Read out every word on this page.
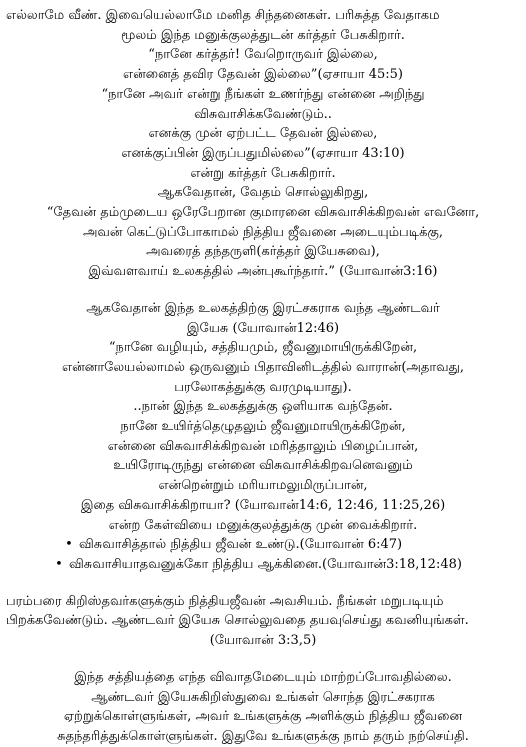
எல்லாமே வீண். இவையெல்லாமே மனித சிந்தனைகள். பரிசுத்த வேதாகம
மூலம் இந்த மனுக்குலத்துடன் கர்த்தர் பேசுகிறார்.
“நானே கர்த்தர்! வேறொருவர் இல்லை,
என்னைத் தவிர தேவன் இல்லை”(ஏசாயா 45:5)
“நானே அவர் என்று நீங்கள் உணர்ந்து என்னை அறிந்து
விசுவாசிக்கவேண்டும்..
எனக்கு முன் ஏற்பட்ட தேவன் இல்லை,
எனக்குப்பின் இருப்பதுமில்லை”(ஏசாயா 43:10)
என்று கர்த்தர் பேசுகிறார்.
ஆகவேதான், வேதம் சொல்லுகிறது,
“தேவன் தம்முடைய ஒரேபேறான குமாரனை விசுவாசிக்கிறவன் எவனோ,
அவன் கெட்டுப்போகாமல் நித்திய ஜீவனை அடையும்படிக்கு,
அவரைத் தந்தருளி(கர்த்தர் இயேசுவை),
இவ்வளவாய் உலகத்தில் அன்புகூர்ந்தார்.” (யோவான்3:16)
ஆகவேதான் இந்த உலகத்திற்கு இரட்சகராக வந்த ஆண்டவர்
இயேசு (யோவான்12:46)
“நானே வழியும், சத்தியமும், ஜீவனுமாயிருக்கிறேன்,
என்னாலேயல்லாமல் ஒருவனும் பிதாவினிடத்தில் வாரான்(அதாவது,
பரலோகத்துக்கு வரமுடியாது).
..நான் இந்த உலகத்துக்கு ஒளியாக வந்தேன்.
நானே உயிர்த்தெழுதலும் ஜீவனுமாயிருக்கிறேன்,
என்னை விசுவாசிக்கிறவன் மரித்தாலும் பிழைப்பான்,
உயிரோடிருந்து என்னை விசுவாசிக்கிறவனெவனும்
என்றென்றும் மரியாமலுமிருப்பான்,
இதை விசுவாசிக்கிறாயா? (யோவான்14:6, 12:46, 11:25,26)
என்ற கேள்வியை மனுக்குலத்துக்கு முன் வைக்கிறார்.
• விசுவாசித்தால் நித்திய ஜீவன் உண்டு.(யோவான் 6:47)
• விசுவாசியாதவனுக்கோ நித்திய ஆக்கினை.(யோவான்3:18,12:48)
பரம்பரை கிறிஸ்தவர்களுக்கும் நித்தியஜீவன் அவசியம். நீங்கள் மறுபடியும்
பிறக்கவேண்டும். ஆண்டவர் இயேசு சொல்லுவதை தயவுசெய்து கவனியுங்கள்.
(யோவான் 3:3,5)
இந்த சத்தியத்தை எந்த விவாதமேடையும் மாற்றப்போவதில்லை.
ஆண்டவர் இயேசுகிறிஸ்துவை உங்கள் சொந்த இரட்சகராக
ஏற்றுக்கொள்ளுங்கள், அவர் உங்களுக்கு அளிக்கும் நித்திய ஜீவனை
சுதந்தரித்துக்கொள்ளுங்கள். இதுவே உங்களுக்கு நாம் தரும் நற்செய்தி.
